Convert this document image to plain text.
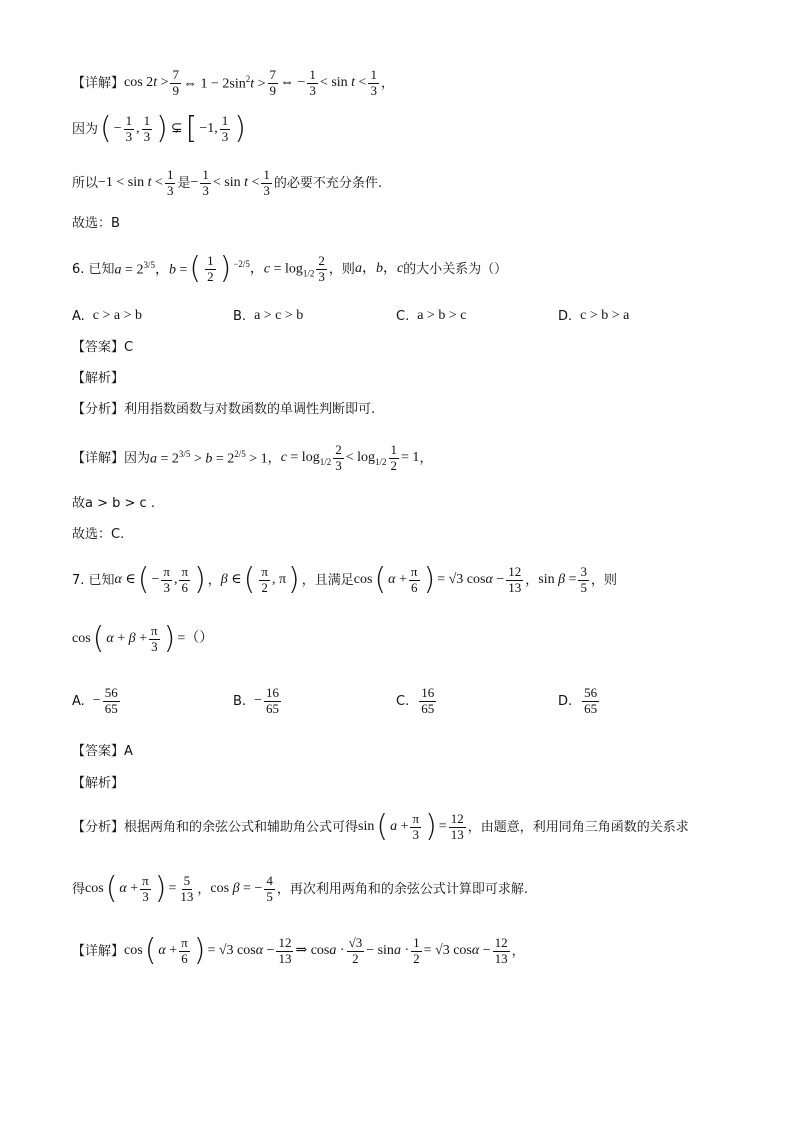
【详解】 cos 2t >
7
9 ⇔ $1 - 2\sin^2t$ >
7
9
⇔ − $\frac{1}{3} < \sin t$ <
1
3 ，
因为 ( − $\frac{1}{3}$ ,
1
3 ) ⊊ [ −1,
1
3 )
所以 −1 < sin t <
1
3 是 − $\frac{1}{3} < \sin t$ <
1
3 的必要不充分条件.
故选：B
6. 已知 $a = 2^{3/5}$，b = ( 1
2 ) $^{-2/5}$，$c = \log_{1/2}$
2
3 ，则 a，b，c 的大小关系为（）
A. c > a > b	B. a > c > b	C. a > b > c	D. c > b > a
【答案】C
【解析】
【分析】利用指数函数与对数函数的单调性判断即可.
【详解】因为 $a = 2^{3/5} > b = 2^{2/5} > 1$ ， $c = \log_{1/2}$
2
3
< $\log_{1/2} \frac{1}{2} = 1$ ，
故a > b > c .
故选：C.
7. 已知 α ∈ ( − $\frac{\pi}{3}$ ,
π
6 ) ， β ∈ ( π
2
, π ) ，且满足 cos ( $\alpha + \frac{\pi}{6}$ ) = √3 $\cos\alpha - \frac{12}{13}$ ， $\sin \beta = \frac{3}{5}$ ，则
cos ( $\alpha + \beta + \frac{\pi}{3}$ ) =（）
A. − $\frac{56}{65}$	B. − $\frac{16}{65}$	C.
16
65	D.
56
65
【答案】A
【解析】
【分析】根据两角和的余弦公式和辅助角公式可得 sin ( $a + \frac{\pi}{3}$ ) = $\frac{12}{13}$ ，由题意，利用同角三角函数的关系求
得 cos ( $\alpha + \frac{\pi}{3}$ ) = $\frac{5}{13}$ ， cos β = − $\frac{4}{5}$ ，再次利用两角和的余弦公式计算即可求解.
【详解】 cos ( $\alpha + \frac{\pi}{6}$ ) = √3 $\cos\alpha - \frac{12}{13}$ ⇒ cosa ·
√3
2
− $\sin a \cdot \frac{1}{2} = √3$ $\cos\alpha - \frac{12}{13}$ ，
